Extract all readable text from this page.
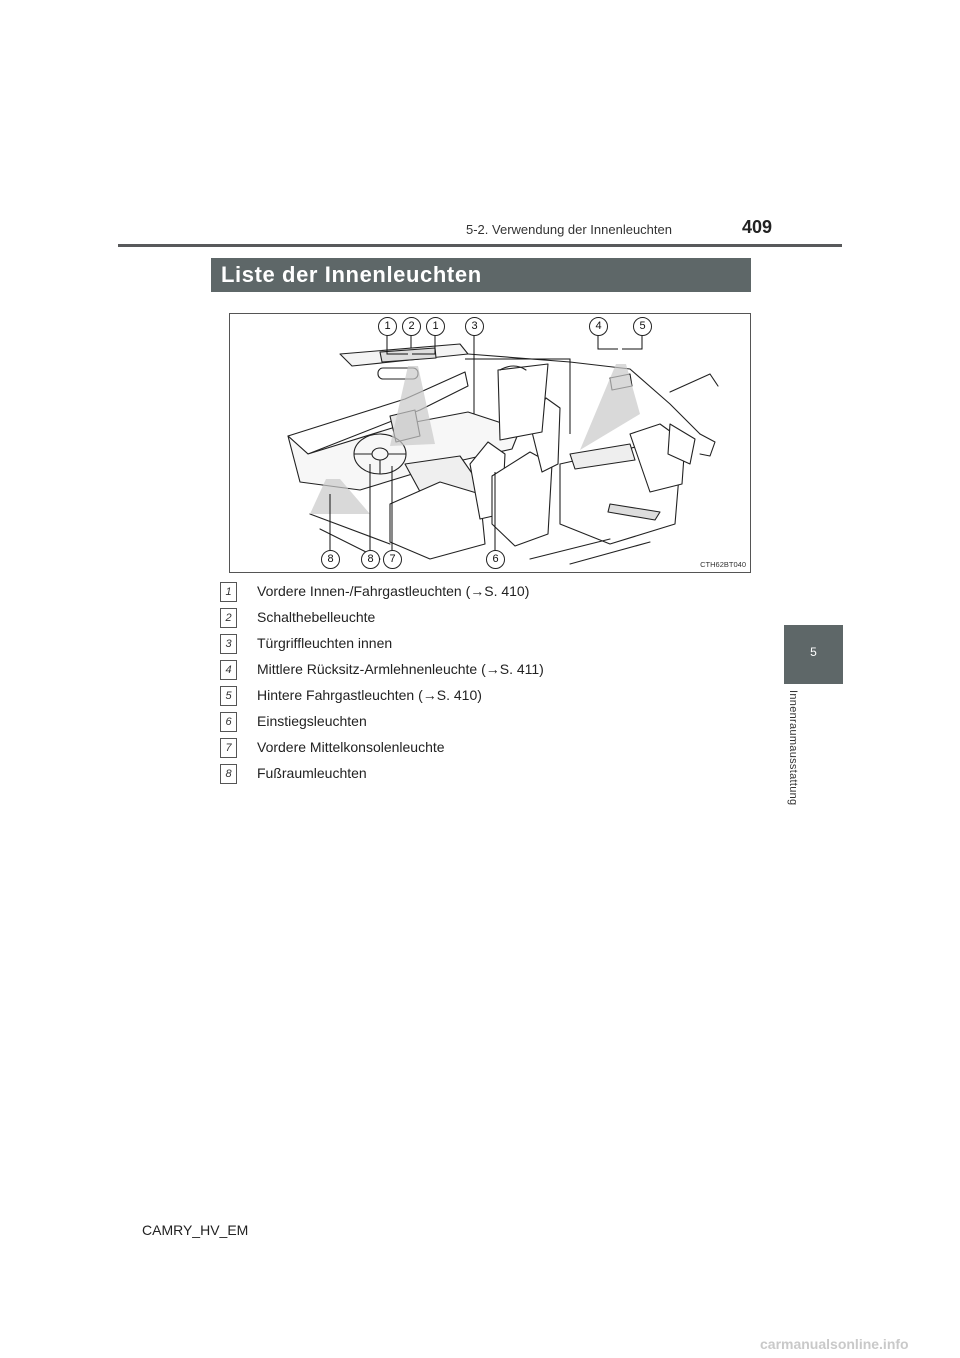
5-2. Verwendung der Innenleuchten	409
Liste der Innenleuchten
1	2	1	3	4	5
8	8	7	6	CTH62BT040
1	Vordere Innen-/Fahrgastleuchten (→S. 410)
2	Schalthebelleuchte
3	Türgriffleuchten innen
4	Mittlere Rücksitz-Armlehnenleuchte (→S. 411)
5	Hintere Fahrgastleuchten (→S. 410)
6	Einstiegsleuchten
7	Vordere Mittelkonsolenleuchte
8	Fußraumleuchten
5
Innenraumausstattung
CAMRY_HV_EM
carmanualsonline.info
